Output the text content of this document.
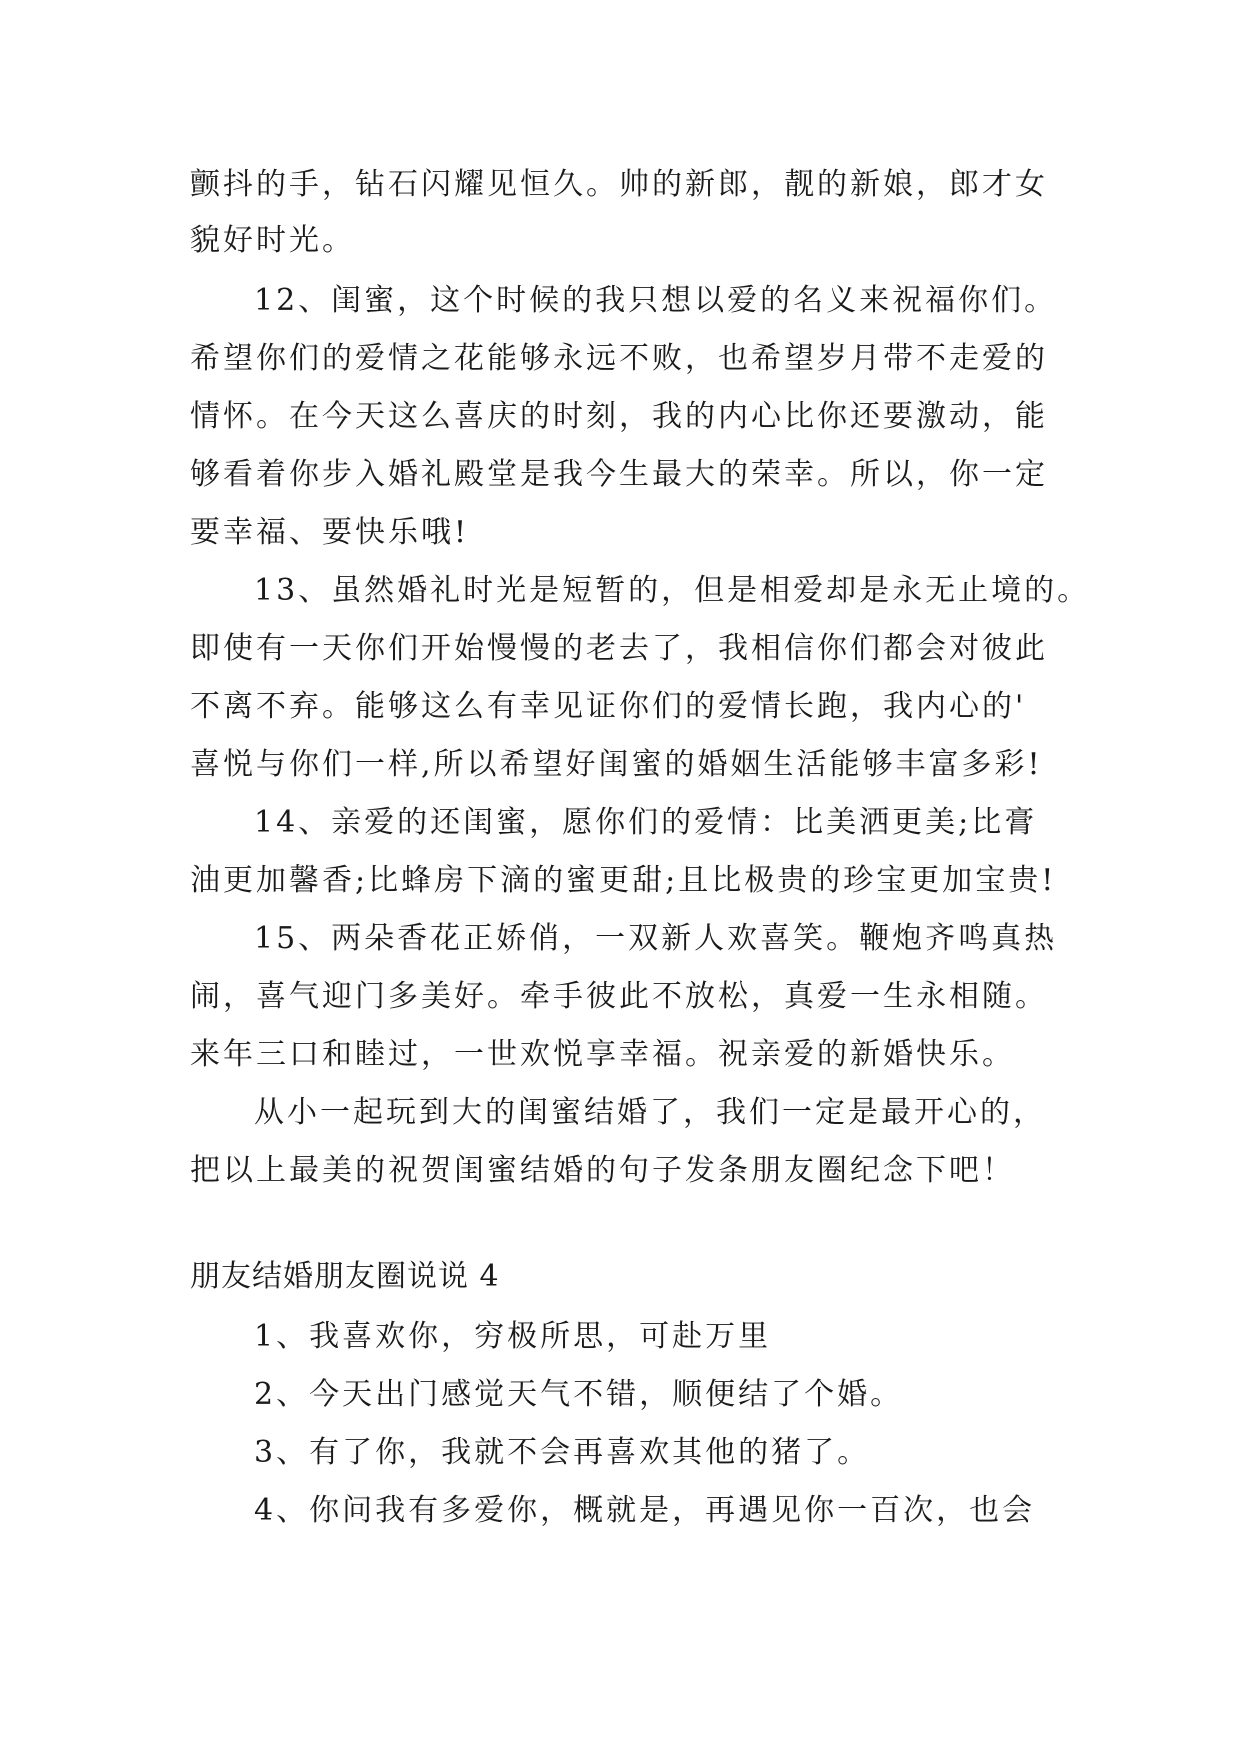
颤抖的手，钻石闪耀见恒久。帅的新郎，靓的新娘，郎才女
貌好时光。
12、闺蜜，这个时候的我只想以爱的名义来祝福你们。
希望你们的爱情之花能够永远不败，也希望岁月带不走爱的
情怀。在今天这么喜庆的时刻，我的内心比你还要激动，能
够看着你步入婚礼殿堂是我今生最大的荣幸。所以，你一定
要幸福、要快乐哦!
13、虽然婚礼时光是短暂的，但是相爱却是永无止境的。
即使有一天你们开始慢慢的老去了，我相信你们都会对彼此
不离不弃。能够这么有幸见证你们的爱情长跑，我内心的'
喜悦与你们一样,所以希望好闺蜜的婚姻生活能够丰富多彩!
14、亲爱的还闺蜜，愿你们的爱情：比美洒更美;比膏
油更加馨香;比蜂房下滴的蜜更甜;且比极贵的珍宝更加宝贵!
15、两朵香花正娇俏，一双新人欢喜笑。鞭炮齐鸣真热
闹，喜气迎门多美好。牵手彼此不放松，真爱一生永相随。
来年三口和睦过，一世欢悦享幸福。祝亲爱的新婚快乐。
从小一起玩到大的闺蜜结婚了，我们一定是最开心的，
把以上最美的祝贺闺蜜结婚的句子发条朋友圈纪念下吧！
朋友结婚朋友圈说说 4
1、我喜欢你，穷极所思，可赴万里
2、今天出门感觉天气不错，顺便结了个婚。
3、有了你，我就不会再喜欢其他的猪了。
4、你问我有多爱你，概就是，再遇见你一百次，也会
